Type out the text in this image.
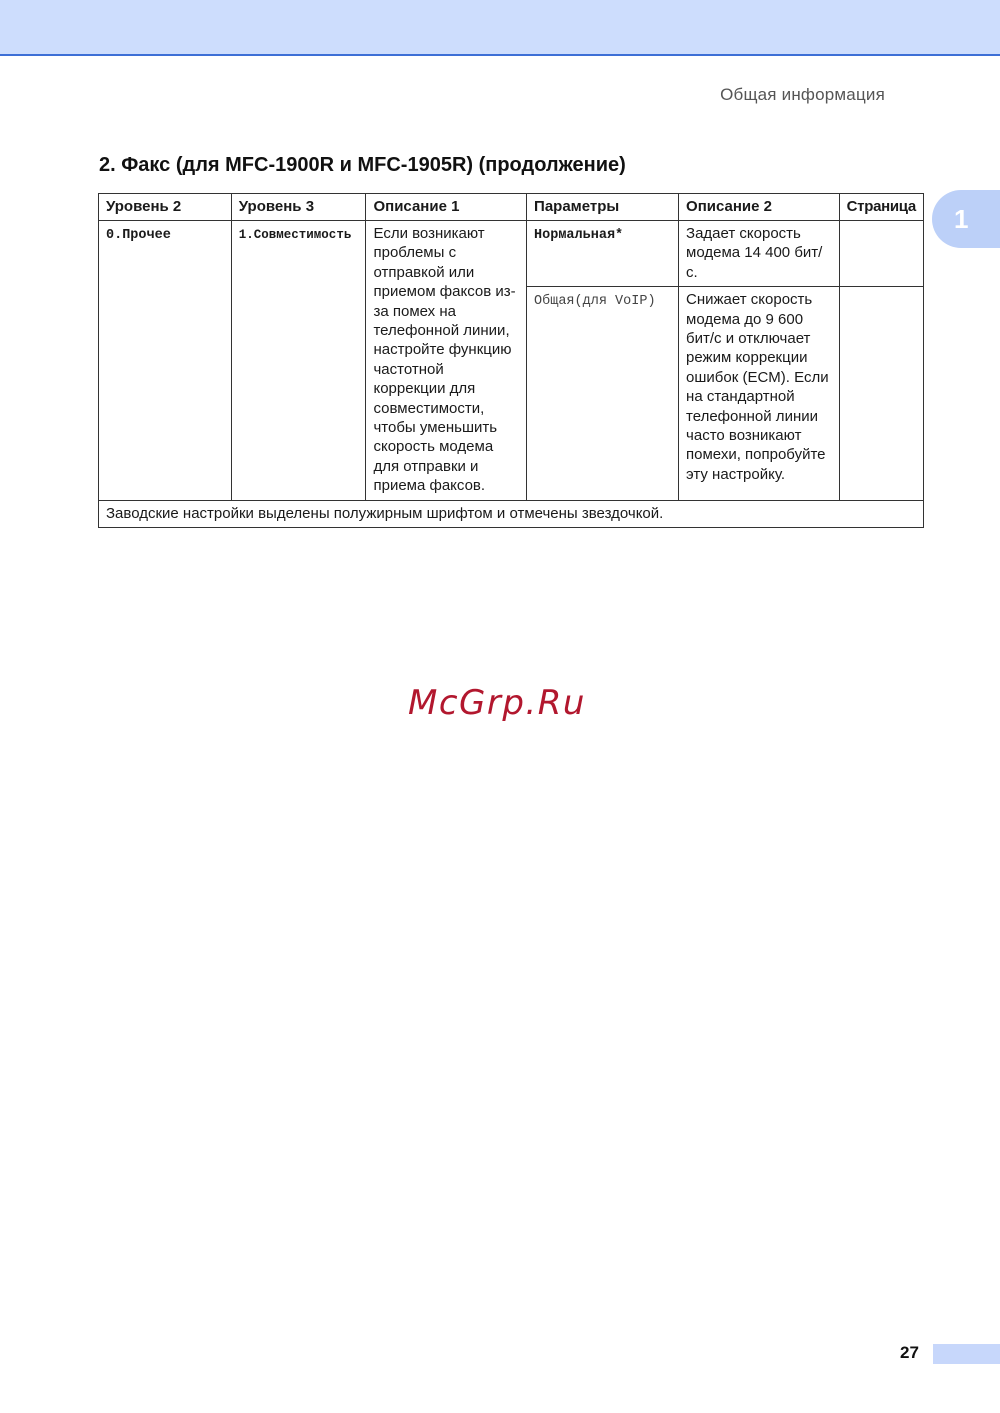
Общая информация
1
2. Факс (для MFC-1900R и MFC-1905R) (продолжение)
Уровень 2	Уровень 3	Описание 1	Параметры	Описание 2	Страница
0.Прочее	1.Совместимость	Если возникают проблемы с отправкой или приемом факсов из-за помех на телефонной линии, настройте функцию частотной коррекции для совместимости, чтобы уменьшить скорость модема для отправки и приема факсов.	Нормальная*	Задает скорость модема 14 400 бит/с.	
			Общая(для VoIP)	Снижает скорость модема до 9 600 бит/с и отключает режим коррекции ошибок (ECM). Если на стандартной телефонной линии часто возникают помехи, попробуйте эту настройку.	
Заводские настройки выделены полужирным шрифтом и отмечены звездочкой.					
McGrp.Ru
27
